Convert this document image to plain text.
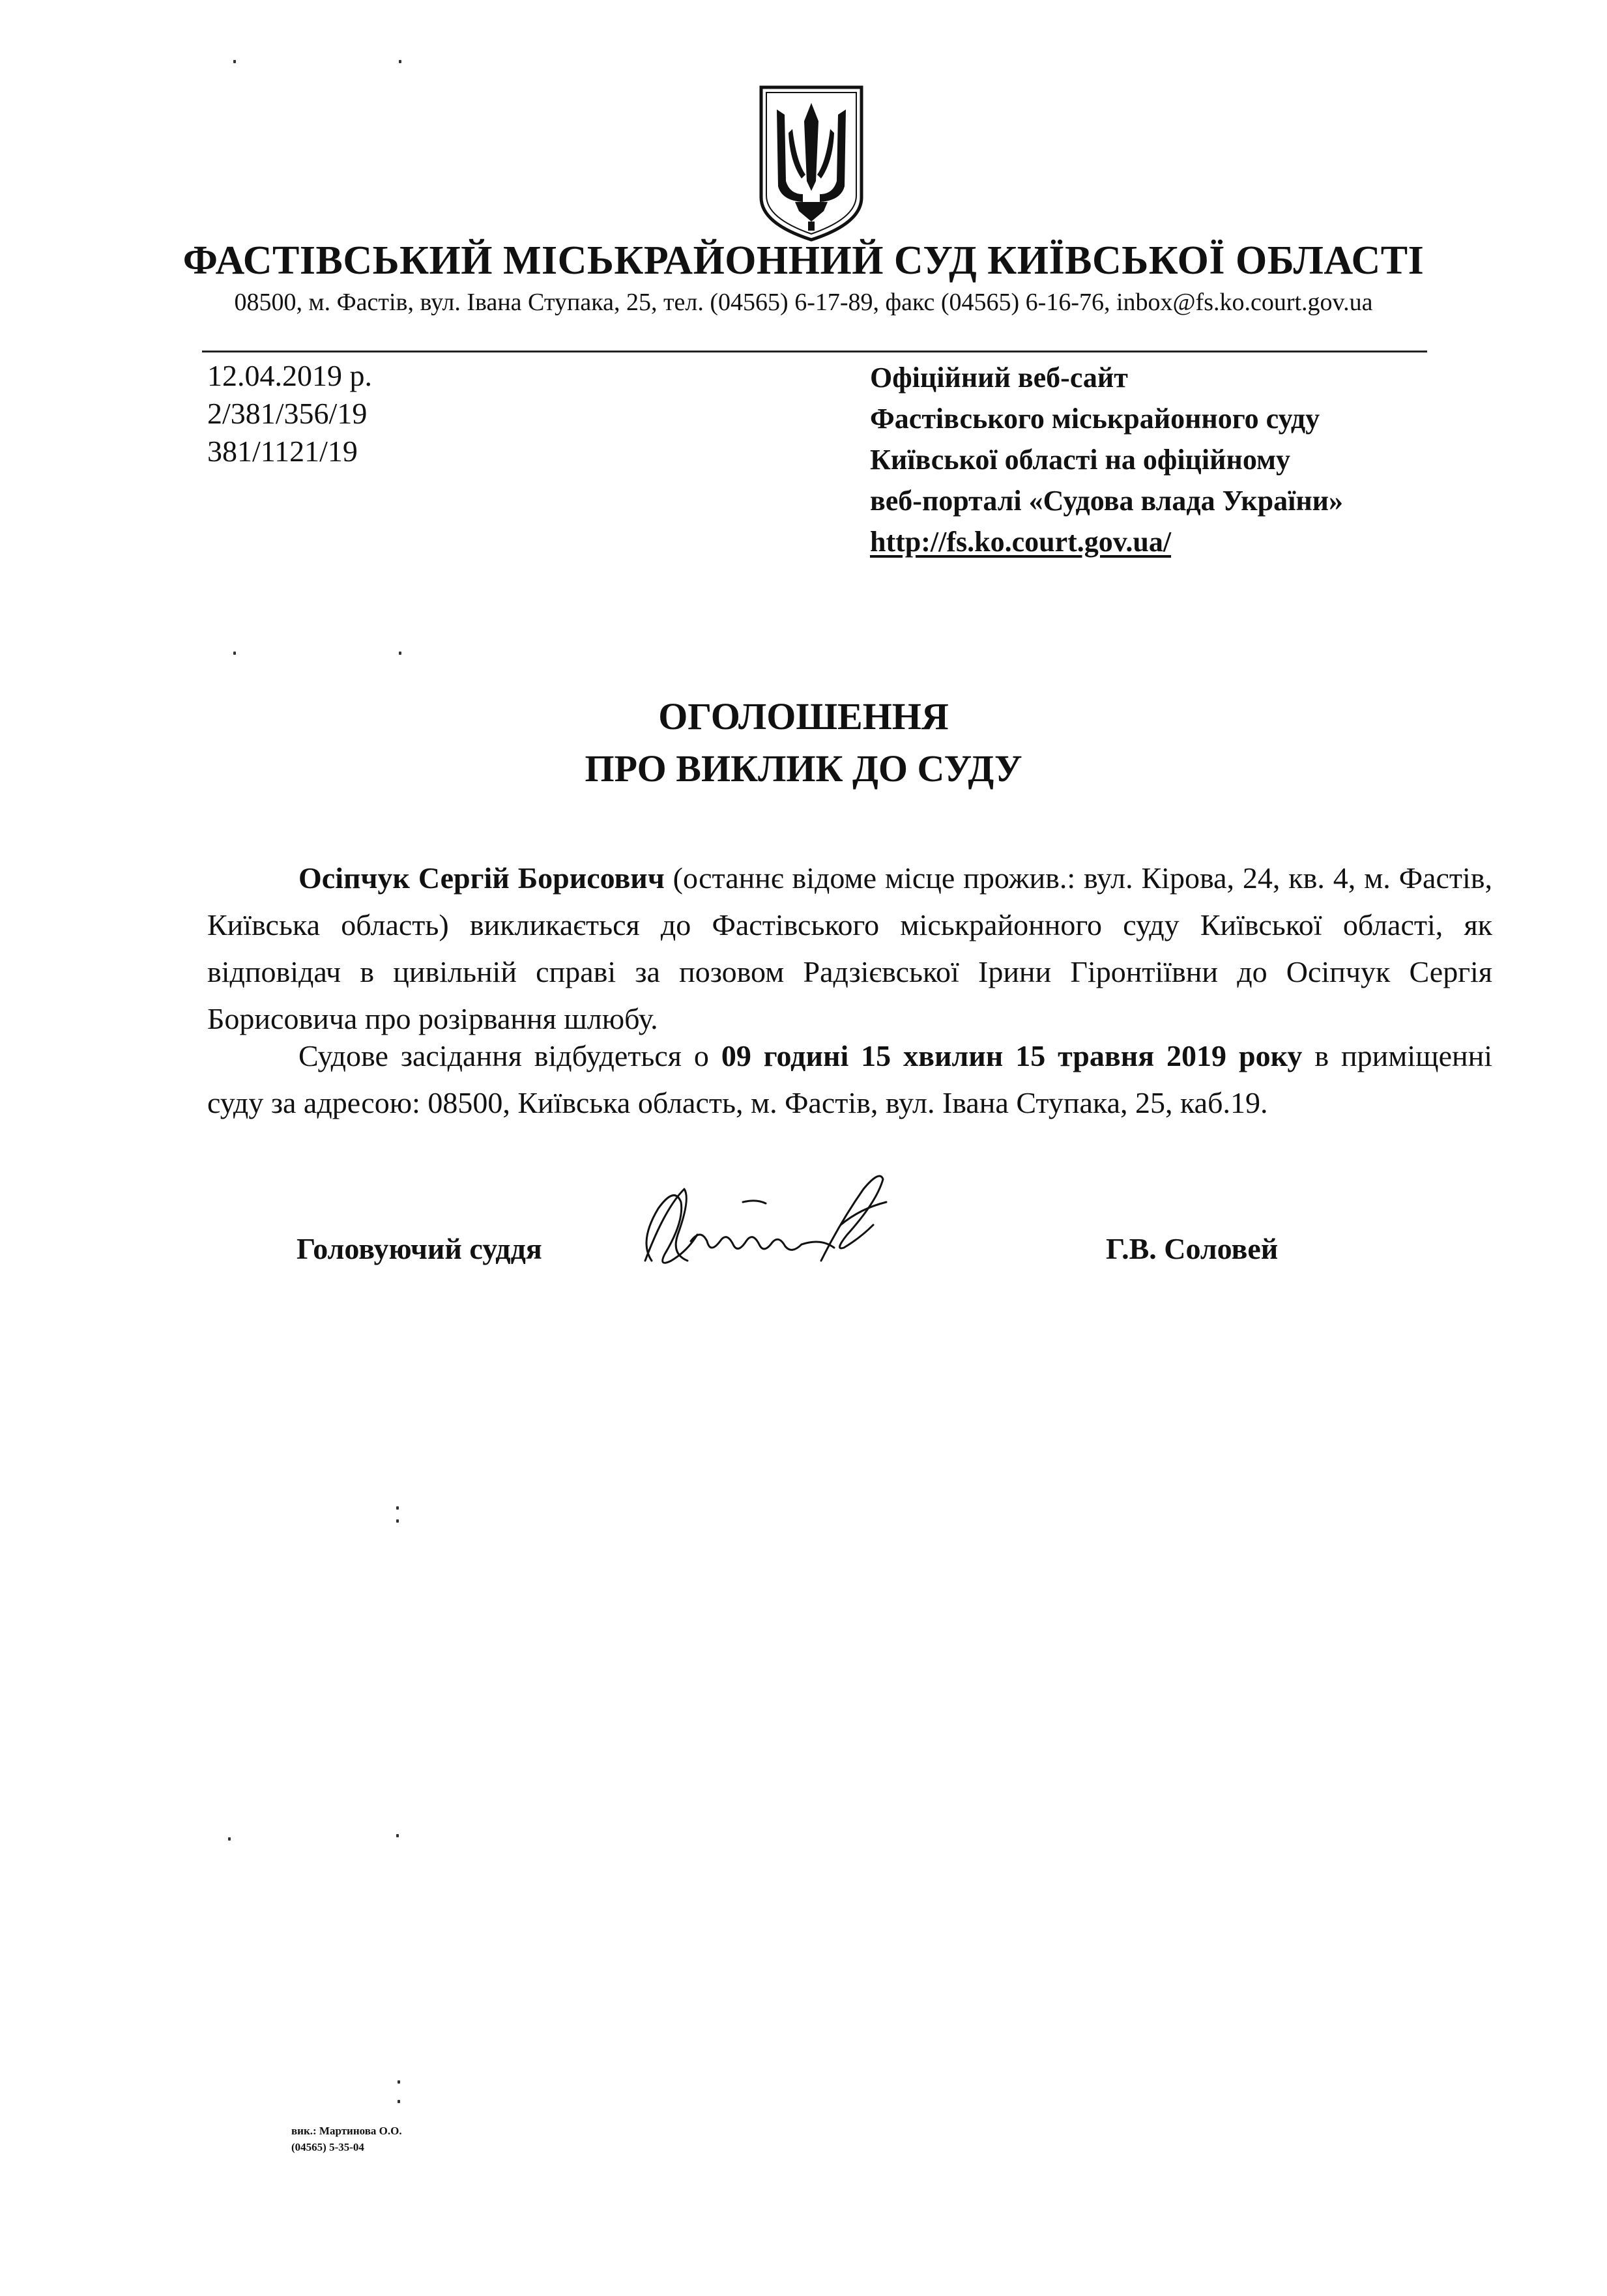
ФАСТІВСЬКИЙ МІСЬКРАЙОННИЙ СУД КИЇВСЬКОЇ ОБЛАСТІ
08500, м. Фастів, вул. Івана Ступака, 25, тел. (04565) 6-17-89, факс (04565) 6-16-76, inbox@fs.ko.court.gov.ua
12.04.2019 р.
2/381/356/19
381/1121/19
Офіційний веб-сайт
Фастівського міськрайонного суду
Київської області на офіційному
веб-порталі «Судова влада України»
http://fs.ko.court.gov.ua/
ОГОЛОШЕННЯ
ПРО ВИКЛИК ДО СУДУ
Осіпчук Сергій Борисович (останнє відоме місце прожив.: вул. Кірова, 24, кв. 4, м. Фастів, Київська область) викликається до Фастівського міськрайонного суду Київської області, як відповідач в цивільній справі за позовом Радзієвської Ірини Гіронтіївни до Осіпчук Сергія Борисовича про розірвання шлюбу.
Судове засідання відбудеться о 09 годині 15 хвилин 15 травня 2019 року в приміщенні суду за адресою: 08500, Київська область, м. Фастів, вул. Івана Ступака, 25, каб.19.
Головуючий суддя	Г.В. Соловей
вик.: Мартинова О.О.
(04565) 5-35-04
